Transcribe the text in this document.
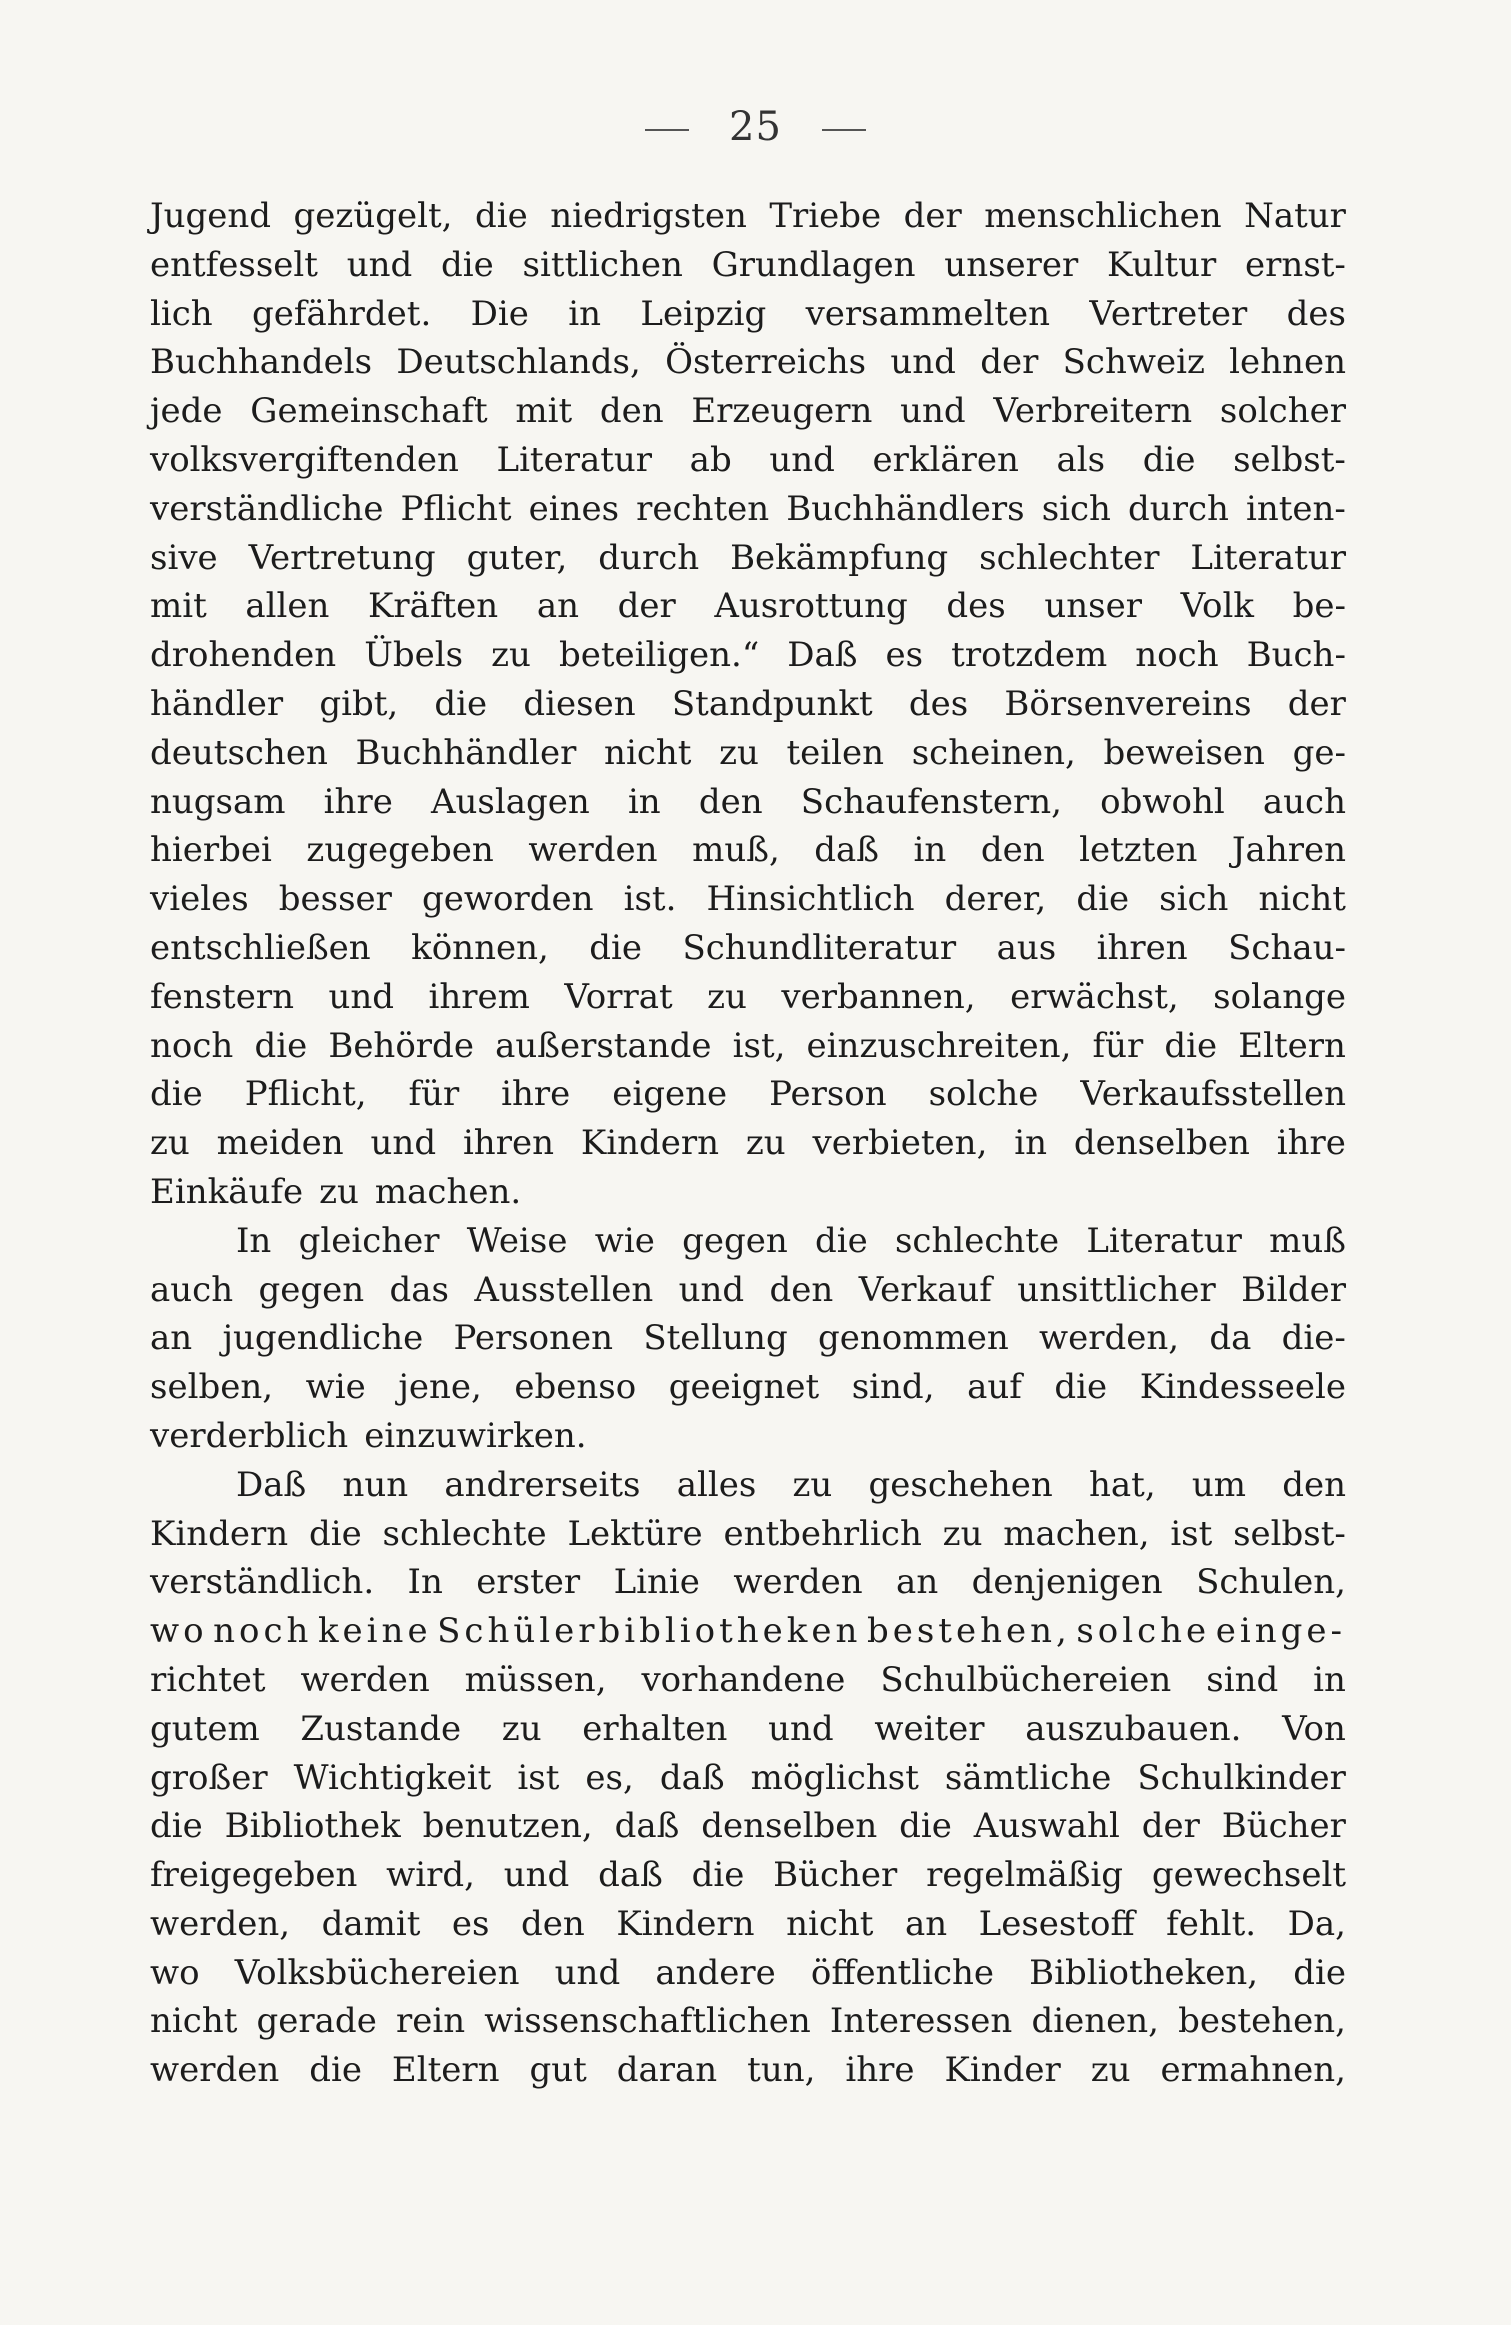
25
Jugend gezügelt, die niedrigsten Triebe der menschlichen Natur
entfesselt und die sittlichen Grundlagen unserer Kultur ernst-
lich gefährdet. Die in Leipzig versammelten Vertreter des
Buchhandels Deutschlands, Österreichs und der Schweiz lehnen
jede Gemeinschaft mit den Erzeugern und Verbreitern solcher
volksvergiftenden Literatur ab und erklären als die selbst-
verständliche Pflicht eines rechten Buchhändlers sich durch inten-
sive Vertretung guter, durch Bekämpfung schlechter Literatur
mit allen Kräften an der Ausrottung des unser Volk be-
drohenden Übels zu beteiligen.“ Daß es trotzdem noch Buch-
händler gibt, die diesen Standpunkt des Börsenvereins der
deutschen Buchhändler nicht zu teilen scheinen, beweisen ge-
nugsam ihre Auslagen in den Schaufenstern, obwohl auch
hierbei zugegeben werden muß, daß in den letzten Jahren
vieles besser geworden ist. Hinsichtlich derer, die sich nicht
entschließen können, die Schundliteratur aus ihren Schau-
fenstern und ihrem Vorrat zu verbannen, erwächst, solange
noch die Behörde außerstande ist, einzuschreiten, für die Eltern
die Pflicht, für ihre eigene Person solche Verkaufsstellen
zu meiden und ihren Kindern zu verbieten, in denselben ihre
Einkäufe zu machen.
In gleicher Weise wie gegen die schlechte Literatur muß
auch gegen das Ausstellen und den Verkauf unsittlicher Bilder
an jugendliche Personen Stellung genommen werden, da die-
selben, wie jene, ebenso geeignet sind, auf die Kindesseele
verderblich einzuwirken.
Daß nun andrerseits alles zu geschehen hat, um den
Kindern die schlechte Lektüre entbehrlich zu machen, ist selbst-
verständlich. In erster Linie werden an denjenigen Schulen,
wo noch keine Schülerbibliotheken bestehen, solche einge-
richtet werden müssen, vorhandene Schulbüchereien sind in
gutem Zustande zu erhalten und weiter auszubauen. Von
großer Wichtigkeit ist es, daß möglichst sämtliche Schulkinder
die Bibliothek benutzen, daß denselben die Auswahl der Bücher
freigegeben wird, und daß die Bücher regelmäßig gewechselt
werden, damit es den Kindern nicht an Lesestoff fehlt. Da,
wo Volksbüchereien und andere öffentliche Bibliotheken, die
nicht gerade rein wissenschaftlichen Interessen dienen, bestehen,
werden die Eltern gut daran tun, ihre Kinder zu ermahnen,
